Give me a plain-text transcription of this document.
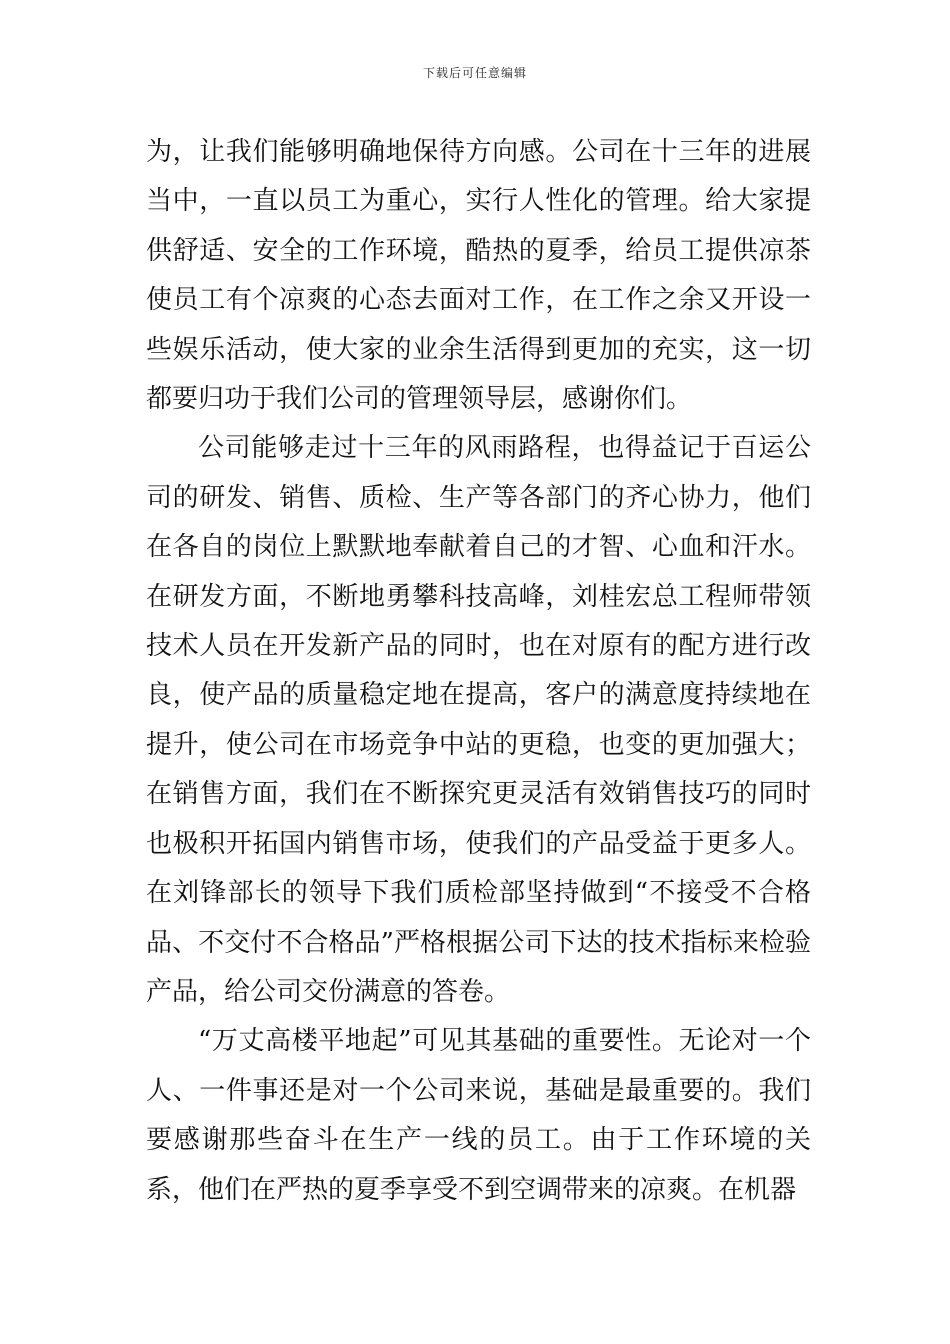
下载后可任意编辑

为，让我们能够明确地保待方向感。公司在十三年的进展当中，一直以员工为重心，实行人性化的管理。给大家提供舒适、安全的工作环境，酷热的夏季，给员工提供凉茶使员工有个凉爽的心态去面对工作，在工作之余又开设一些娱乐活动，使大家的业余生活得到更加的充实，这一切都要归功于我们公司的管理领导层，感谢你们。

公司能够走过十三年的风雨路程，也得益记于百运公司的研发、销售、质检、生产等各部门的齐心协力，他们在各自的岗位上默默地奉献着自己的才智、心血和汗水。在研发方面，不断地勇攀科技高峰，刘桂宏总工程师带领技术人员在开发新产品的同时，也在对原有的配方进行改良，使产品的质量稳定地在提高，客户的满意度持续地在提升，使公司在市场竞争中站的更稳，也变的更加强大；在销售方面，我们在不断探究更灵活有效销售技巧的同时也极积开拓国内销售市场，使我们的产品受益于更多人。在刘锋部长的领导下我们质检部坚持做到“不接受不合格品、不交付不合格品”严格根据公司下达的技术指标来检验产品，给公司交份满意的答卷。

“万丈高楼平地起”可见其基础的重要性。无论对一个人、一件事还是对一个公司来说，基础是最重要的。我们要感谢那些奋斗在生产一线的员工。由于工作环境的关系，他们在严热的夏季享受不到空调带来的凉爽。在机器
